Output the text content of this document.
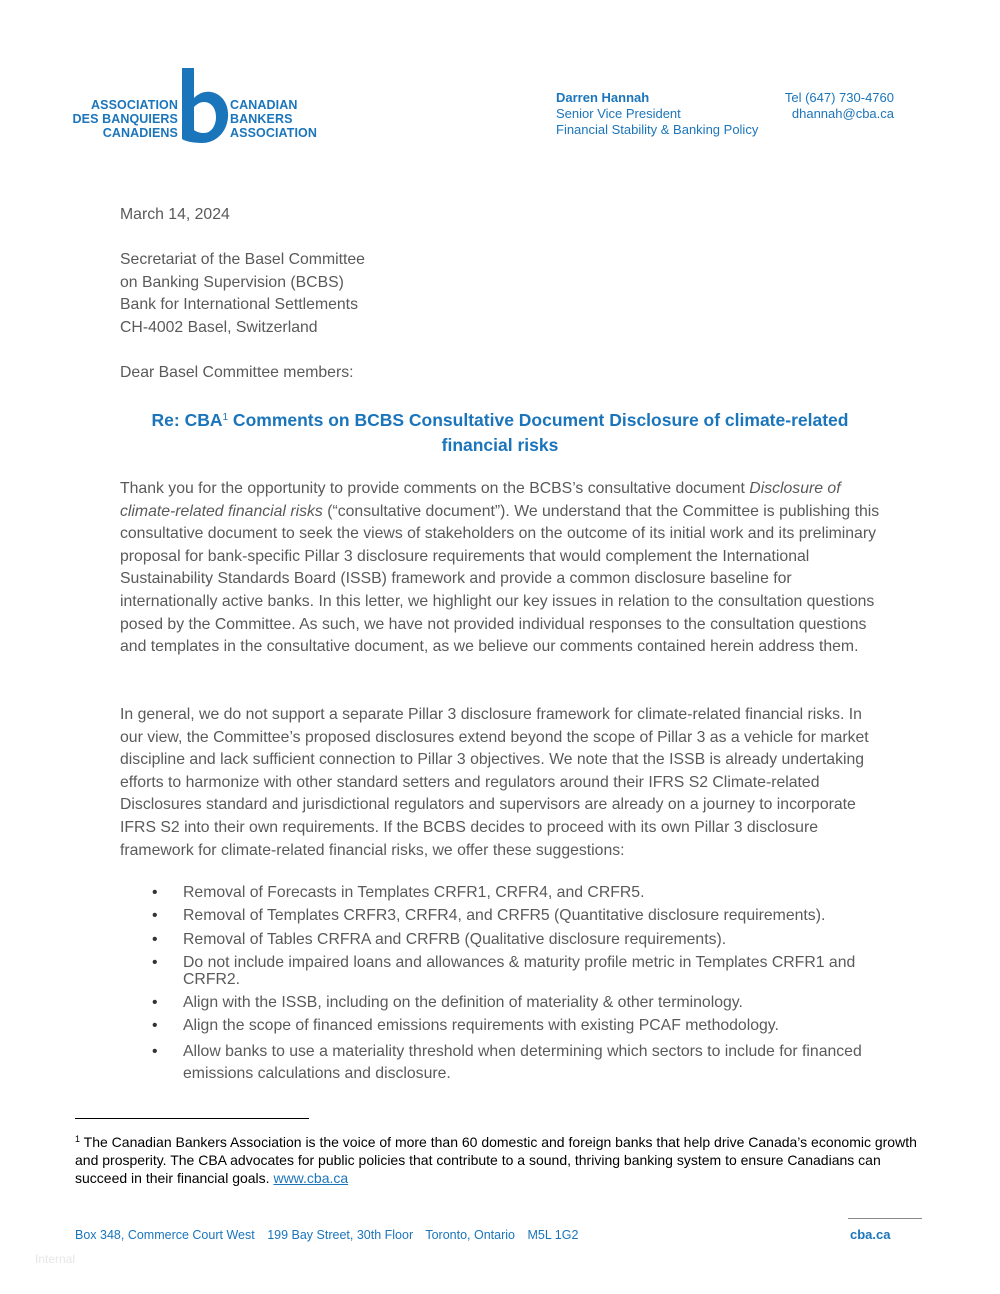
ASSOCIATION
DES BANQUIERS
CANADIENS
CANADIAN
BANKERS
ASSOCIATION
Darren Hannah
Senior Vice President
Financial Stability & Banking Policy
Tel (647) 730-4760
dhannah@cba.ca
March 14, 2024
Secretariat of the Basel Committee
on Banking Supervision (BCBS)
Bank for International Settlements
CH-4002 Basel, Switzerland
Dear Basel Committee members:
Re: CBA$^1$ Comments on BCBS Consultative Document Disclosure of climate-related financial risks
Thank you for the opportunity to provide comments on the BCBS’s consultative document Disclosure of climate-related financial risks (“consultative document”). We understand that the Committee is publishing this consultative document to seek the views of stakeholders on the outcome of its initial work and its preliminary proposal for bank-specific Pillar 3 disclosure requirements that would complement the International Sustainability Standards Board (ISSB) framework and provide a common disclosure baseline for internationally active banks. In this letter, we highlight our key issues in relation to the consultation questions posed by the Committee. As such, we have not provided individual responses to the consultation questions and templates in the consultative document, as we believe our comments contained herein address them.
In general, we do not support a separate Pillar 3 disclosure framework for climate-related financial risks. In our view, the Committee’s proposed disclosures extend beyond the scope of Pillar 3 as a vehicle for market discipline and lack sufficient connection to Pillar 3 objectives. We note that the ISSB is already undertaking efforts to harmonize with other standard setters and regulators around their IFRS S2 Climate-related Disclosures standard and jurisdictional regulators and supervisors are already on a journey to incorporate IFRS S2 into their own requirements. If the BCBS decides to proceed with its own Pillar 3 disclosure framework for climate-related financial risks, we offer these suggestions:
• Removal of Forecasts in Templates CRFR1, CRFR4, and CRFR5.
• Removal of Templates CRFR3, CRFR4, and CRFR5 (Quantitative disclosure requirements).
• Removal of Tables CRFRA and CRFRB (Qualitative disclosure requirements).
• Do not include impaired loans and allowances & maturity profile metric in Templates CRFR1 and CRFR2.
• Align with the ISSB, including on the definition of materiality & other terminology.
• Align the scope of financed emissions requirements with existing PCAF methodology.
• Allow banks to use a materiality threshold when determining which sectors to include for financed emissions calculations and disclosure.
$^1$ The Canadian Bankers Association is the voice of more than 60 domestic and foreign banks that help drive Canada’s economic growth and prosperity. The CBA advocates for public policies that contribute to a sound, thriving banking system to ensure Canadians can succeed in their financial goals. www.cba.ca
Box 348, Commerce Court West 199 Bay Street, 30th Floor Toronto, Ontario M5L 1G2	cba.ca
Internal
